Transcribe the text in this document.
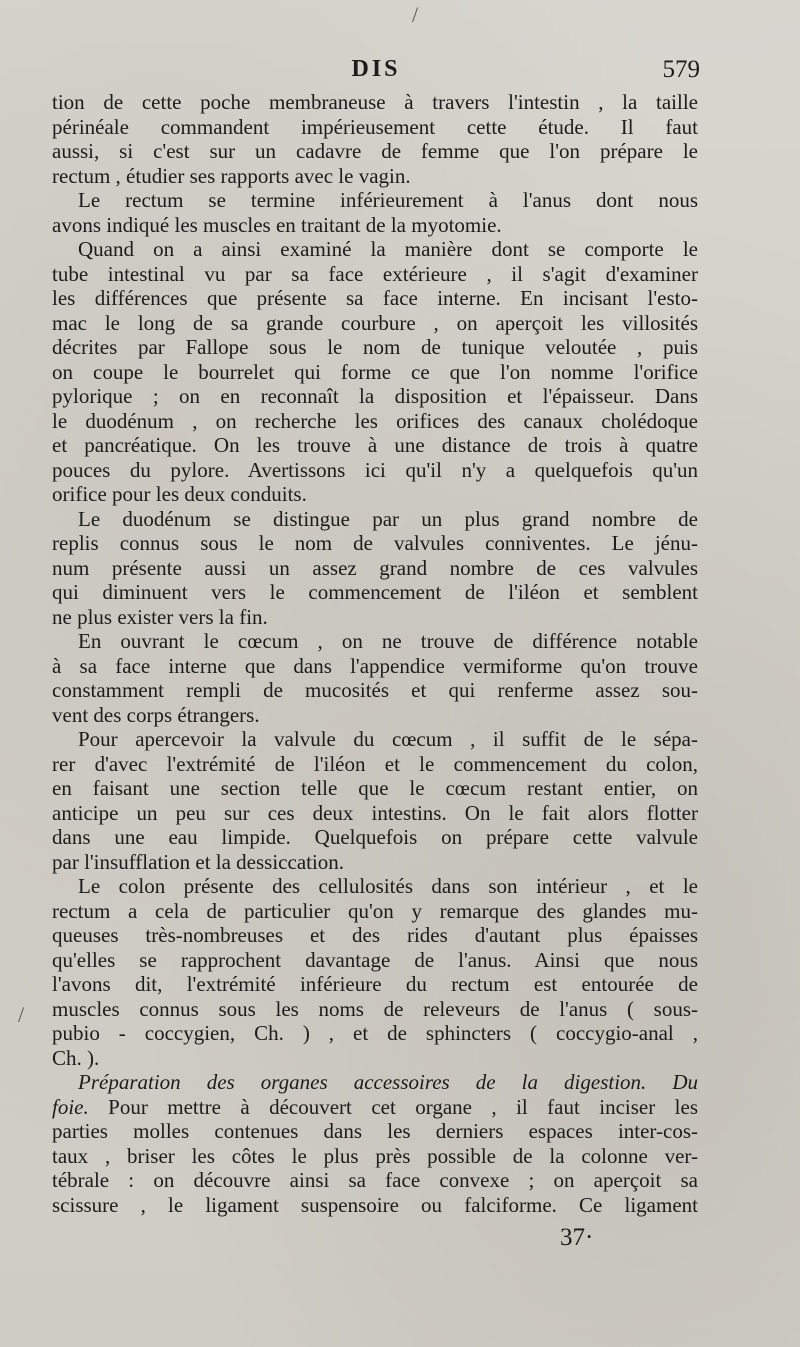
/
/
DIS	579
tion de cette poche membraneuse à travers l'intestin , la taille
périnéale commandent impérieusement cette étude. Il faut
aussi, si c'est sur un cadavre de femme que l'on prépare le
rectum , étudier ses rapports avec le vagin.
Le rectum se termine inférieurement à l'anus dont nous
avons indiqué les muscles en traitant de la myotomie.
Quand on a ainsi examiné la manière dont se comporte le
tube intestinal vu par sa face extérieure , il s'agit d'examiner
les différences que présente sa face interne. En incisant l'esto-
mac le long de sa grande courbure , on aperçoit les villosités
décrites par Fallope sous le nom de tunique veloutée , puis
on coupe le bourrelet qui forme ce que l'on nomme l'orifice
pylorique ; on en reconnaît la disposition et l'épaisseur. Dans
le duodénum , on recherche les orifices des canaux cholédoque
et pancréatique. On les trouve à une distance de trois à quatre
pouces du pylore. Avertissons ici qu'il n'y a quelquefois qu'un
orifice pour les deux conduits.
Le duodénum se distingue par un plus grand nombre de
replis connus sous le nom de valvules conniventes. Le jénu-
num présente aussi un assez grand nombre de ces valvules
qui diminuent vers le commencement de l'iléon et semblent
ne plus exister vers la fin.
En ouvrant le cœcum , on ne trouve de différence notable
à sa face interne que dans l'appendice vermiforme qu'on trouve
constamment rempli de mucosités et qui renferme assez sou-
vent des corps étrangers.
Pour apercevoir la valvule du cœcum , il suffit de le sépa-
rer d'avec l'extrémité de l'iléon et le commencement du colon,
en faisant une section telle que le cœcum restant entier, on
anticipe un peu sur ces deux intestins. On le fait alors flotter
dans une eau limpide. Quelquefois on prépare cette valvule
par l'insufflation et la dessiccation.
Le colon présente des cellulosités dans son intérieur , et le
rectum a cela de particulier qu'on y remarque des glandes mu-
queuses très-nombreuses et des rides d'autant plus épaisses
qu'elles se rapprochent davantage de l'anus. Ainsi que nous
l'avons dit, l'extrémité inférieure du rectum est entourée de
muscles connus sous les noms de releveurs de l'anus ( sous-
pubio - coccygien, Ch. ) , et de sphincters ( coccygio-anal ,
Ch. ).
Préparation des organes accessoires de la digestion. Du
foie. Pour mettre à découvert cet organe , il faut inciser les
parties molles contenues dans les derniers espaces inter-cos-
taux , briser les côtes le plus près possible de la colonne ver-
tébrale : on découvre ainsi sa face convexe ; on aperçoit sa
scissure , le ligament suspensoire ou falciforme. Ce ligament
37·
